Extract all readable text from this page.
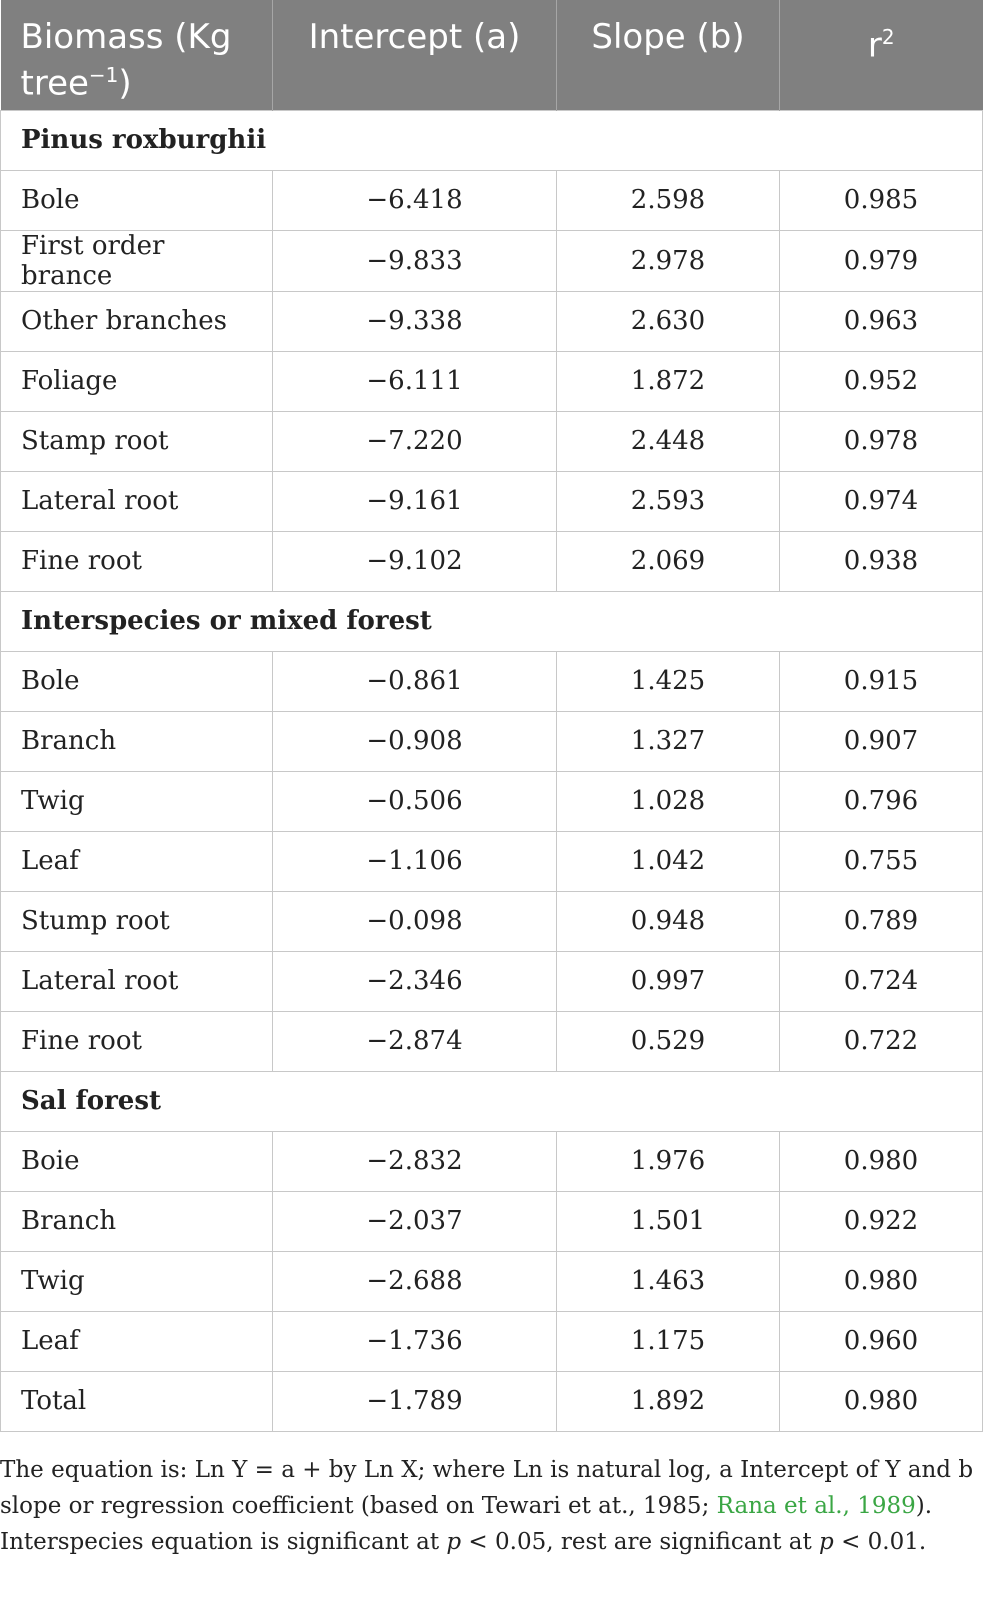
Biomass (Kg tree$^{-1}$)	Intercept (a)	Slope (b)	$r^2$
Pinus roxburghii			
Bole	−6.418	2.598	0.985
First order brance	−9.833	2.978	0.979
Other branches	−9.338	2.630	0.963
Foliage	−6.111	1.872	0.952
Stamp root	−7.220	2.448	0.978
Lateral root	−9.161	2.593	0.974
Fine root	−9.102	2.069	0.938
Interspecies or mixed forest			
Bole	−0.861	1.425	0.915
Branch	−0.908	1.327	0.907
Twig	−0.506	1.028	0.796
Leaf	−1.106	1.042	0.755
Stump root	−0.098	0.948	0.789
Lateral root	−2.346	0.997	0.724
Fine root	−2.874	0.529	0.722
Sal forest			
Boie	−2.832	1.976	0.980
Branch	−2.037	1.501	0.922
Twig	−2.688	1.463	0.980
Leaf	−1.736	1.175	0.960
Total	−1.789	1.892	0.980
The equation is: Ln Y = a + by Ln X; where Ln is natural log, a Intercept of Y and b slope or regression coefficient (based on Tewari et at., 1985; Rana et al., 1989). Interspecies equation is significant at p < 0.05, rest are significant at p < 0.01.
